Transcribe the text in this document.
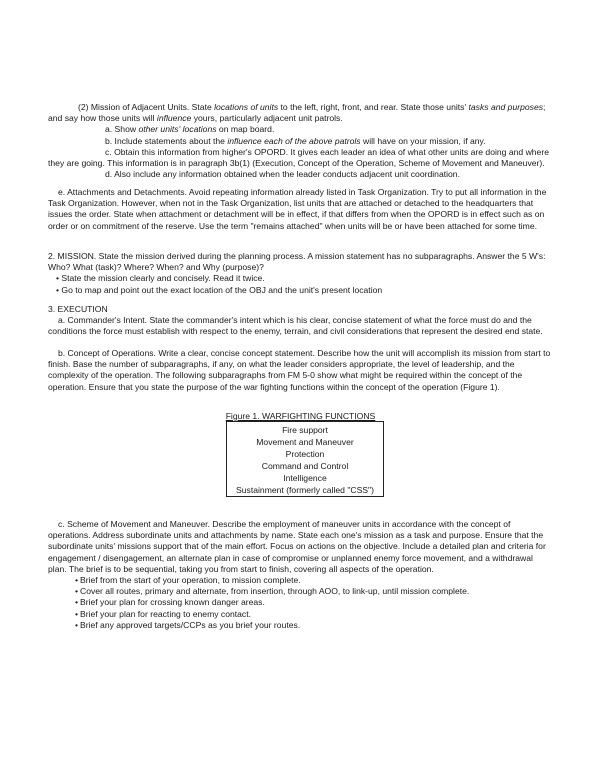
(2) Mission of Adjacent Units. State locations of units to the left, right, front, and rear. State those units' tasks and purposes; and say how those units will influence yours, particularly adjacent unit patrols.

a. Show other units' locations on map board.

b. Include statements about the influence each of the above patrols will have on your mission, if any.

c. Obtain this information from higher's OPORD. It gives each leader an idea of what other units are doing and where they are going. This information is in paragraph 3b(1) (Execution, Concept of the Operation, Scheme of Movement and Maneuver).

d. Also include any information obtained when the leader conducts adjacent unit coordination.

e. Attachments and Detachments. Avoid repeating information already listed in Task Organization. Try to put all information in the Task Organization. However, when not in the Task Organization, list units that are attached or detached to the headquarters that issues the order. State when attachment or detachment will be in effect, if that differs from when the OPORD is in effect such as on order or on commitment of the reserve. Use the term "remains attached" when units will be or have been attached for some time.

2. MISSION. State the mission derived during the planning process. A mission statement has no subparagraphs. Answer the 5 W's: Who? What (task)? Where? When? and Why (purpose)?

• State the mission clearly and concisely. Read it twice.

• Go to map and point out the exact location of the OBJ and the unit's present location

3. EXECUTION

a. Commander's Intent. State the commander's intent which is his clear, concise statement of what the force must do and the conditions the force must establish with respect to the enemy, terrain, and civil considerations that represent the desired end state.

b. Concept of Operations. Write a clear, concise concept statement. Describe how the unit will accomplish its mission from start to finish. Base the number of subparagraphs, if any, on what the leader considers appropriate, the level of leadership, and the complexity of the operation. The following subparagraphs from FM 5-0 show what might be required within the concept of the operation. Ensure that you state the purpose of the war fighting functions within the concept of the operation (Figure 1).

Figure 1. WARFIGHTING FUNCTIONS
Fire support
Movement and Maneuver
Protection
Command and Control
Intelligence
Sustainment (formerly called "CSS")

c. Scheme of Movement and Maneuver. Describe the employment of maneuver units in accordance with the concept of operations. Address subordinate units and attachments by name. State each one's mission as a task and purpose. Ensure that the subordinate units' missions support that of the main effort. Focus on actions on the objective. Include a detailed plan and criteria for engagement / disengagement, an alternate plan in case of compromise or unplanned enemy force movement, and a withdrawal plan. The brief is to be sequential, taking you from start to finish, covering all aspects of the operation.

• Brief from the start of your operation, to mission complete.
• Cover all routes, primary and alternate, from insertion, through AOO, to link-up, until mission complete.
• Brief your plan for crossing known danger areas.
• Brief your plan for reacting to enemy contact.
• Brief any approved targets/CCPs as you brief your routes.
